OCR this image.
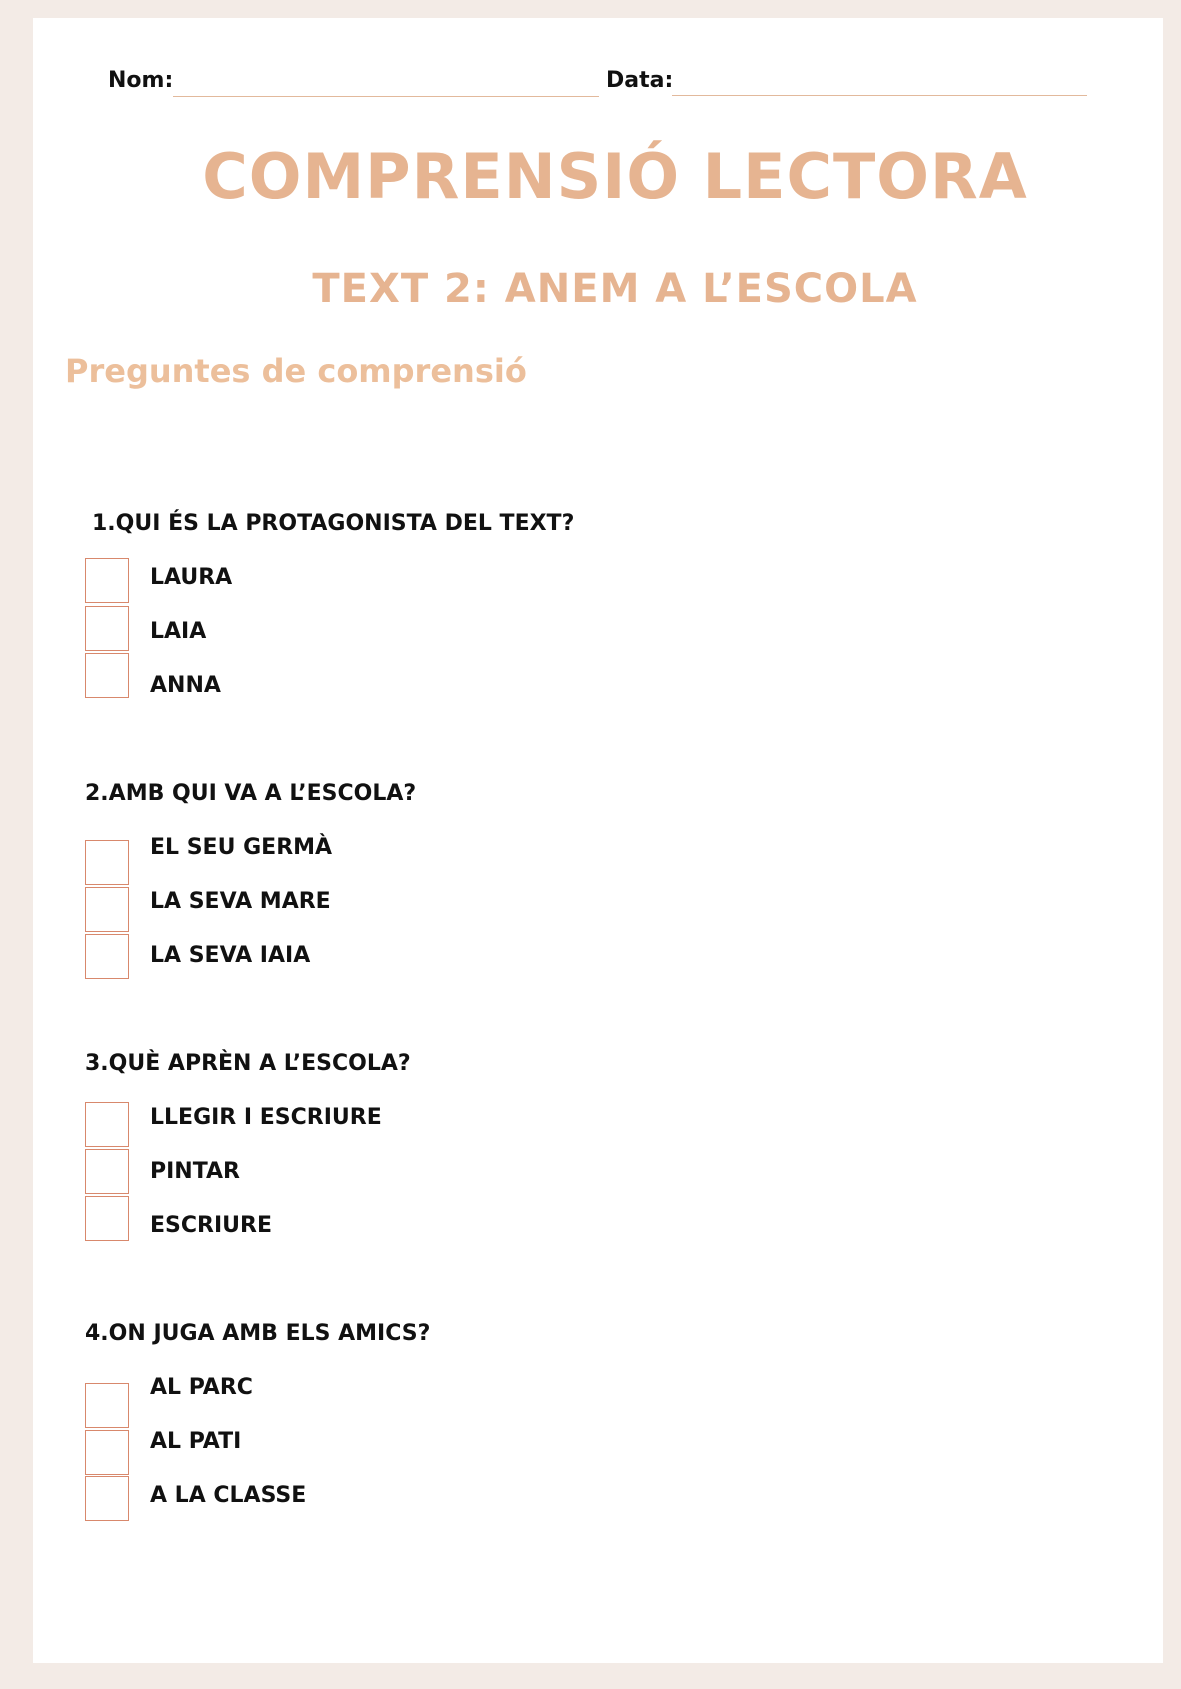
Nom:	Data:
COMPRENSIÓ LECTORA
TEXT 2: ANEM A L’ESCOLA
Preguntes de comprensió
1.QUI ÉS LA PROTAGONISTA DEL TEXT?
LAURA
LAIA
ANNA
2.AMB QUI VA A L’ESCOLA?
EL SEU GERMÀ
LA SEVA MARE
LA SEVA IAIA
3.QUÈ APRÈN A L’ESCOLA?
LLEGIR I ESCRIURE
PINTAR
ESCRIURE
4.ON JUGA AMB ELS AMICS?
AL PARC
AL PATI
A LA CLASSE
